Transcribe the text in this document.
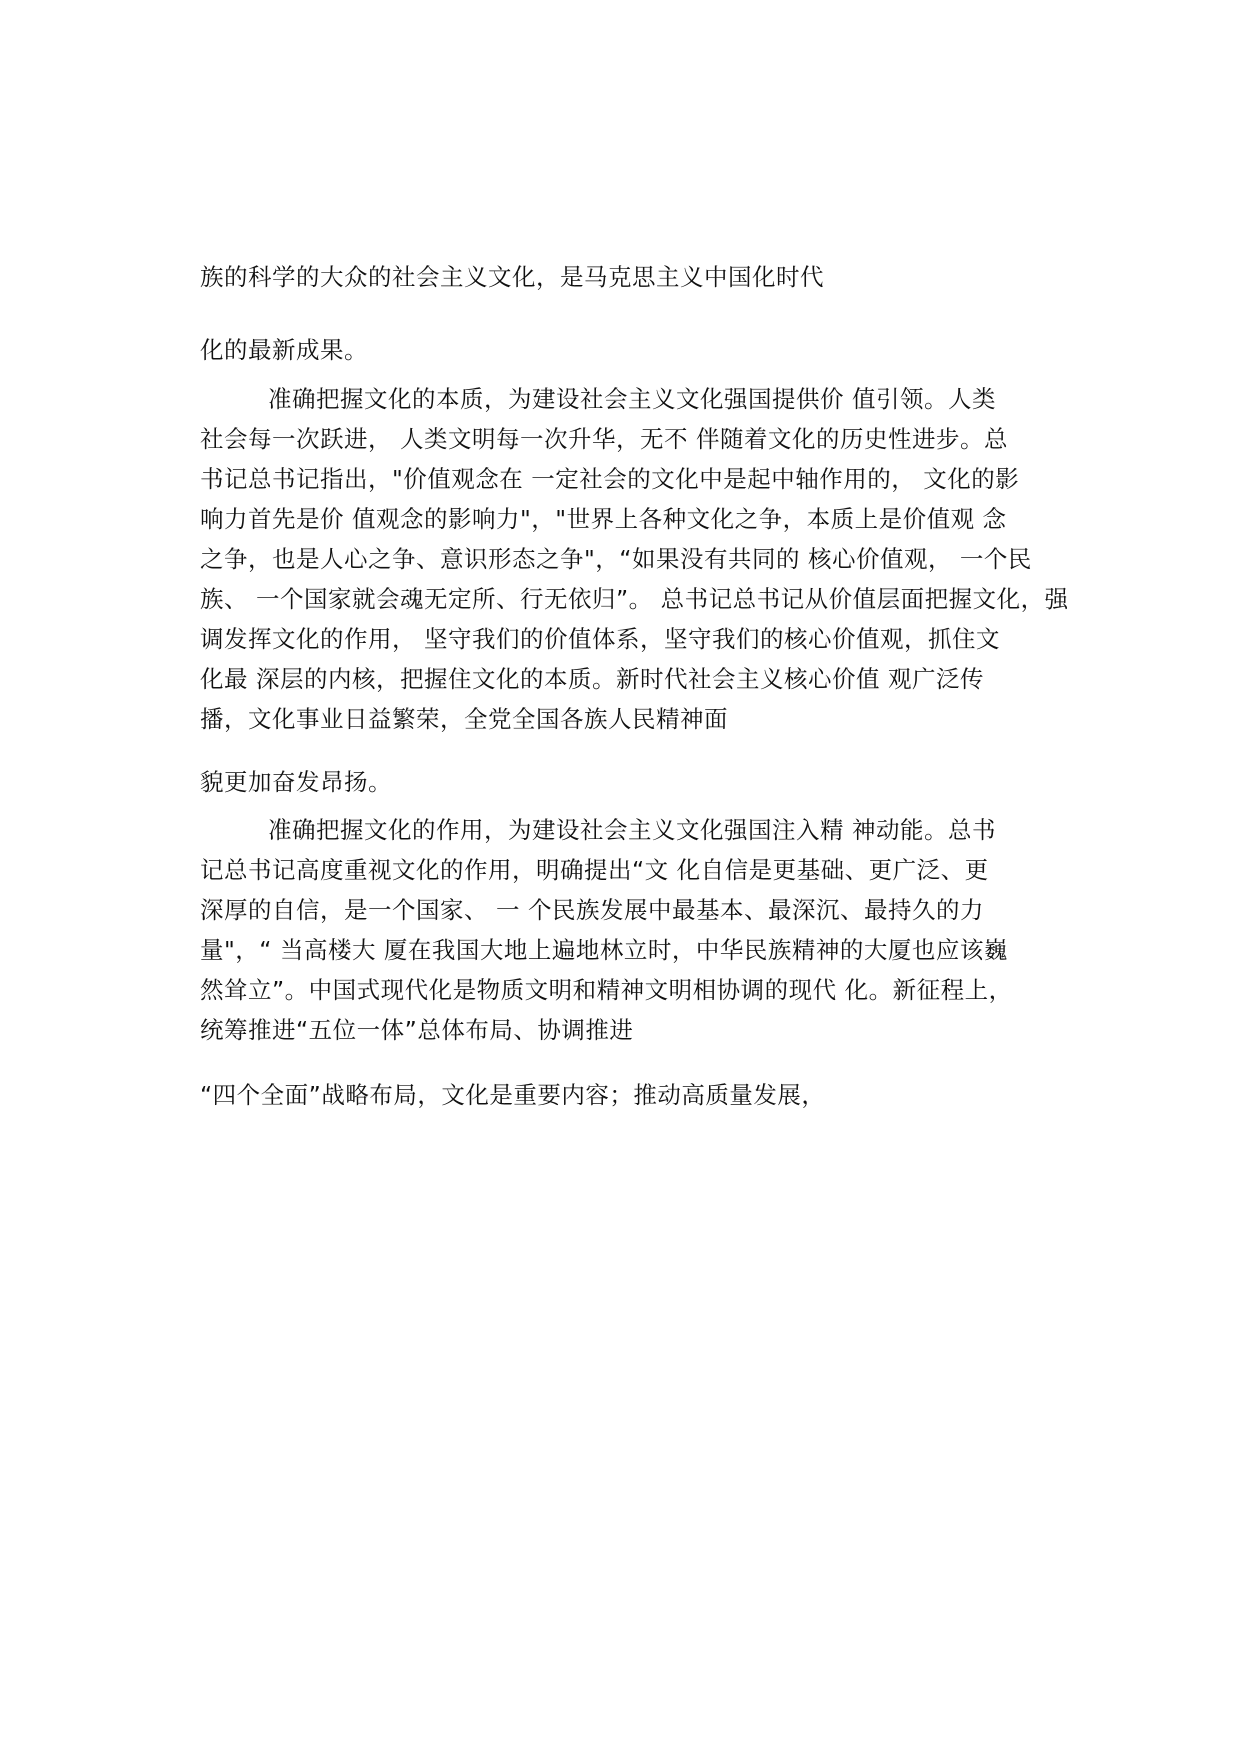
族的科学的大众的社会主义文化，是马克思主义中国化时代
化的最新成果。
准确把握文化的本质，为建设社会主义文化强国提供价 值引领。人类
社会每一次跃进， 人类文明每一次升华，无不 伴随着文化的历史性进步。总
书记总书记指出，"价值观念在 一定社会的文化中是起中轴作用的， 文化的影
响力首先是价 值观念的影响力"，"世界上各种文化之争，本质上是价值观 念
之争，也是人心之争、意识形态之争"，“如果没有共同的 核心价值观， 一个民
族、 一个国家就会魂无定所、行无依归”。 总书记总书记从价值层面把握文化，强
调发挥文化的作用， 坚守我们的价值体系，坚守我们的核心价值观，抓住文
化最 深层的内核，把握住文化的本质。新时代社会主义核心价值 观广泛传
播，文化事业日益繁荣，全党全国各族人民精神面
貌更加奋发昂扬。
准确把握文化的作用，为建设社会主义文化强国注入精 神动能。总书
记总书记高度重视文化的作用，明确提出“文 化自信是更基础、更广泛、更
深厚的自信，是一个国家、 一 个民族发展中最基本、最深沉、最持久的力
量"，“ 当高楼大 厦在我国大地上遍地林立时，中华民族精神的大厦也应该巍
然耸立”。中国式现代化是物质文明和精神文明相协调的现代 化。新征程上，
统筹推进“五位一体”总体布局、协调推进
“四个全面”战略布局，文化是重要内容；推动高质量发展，
